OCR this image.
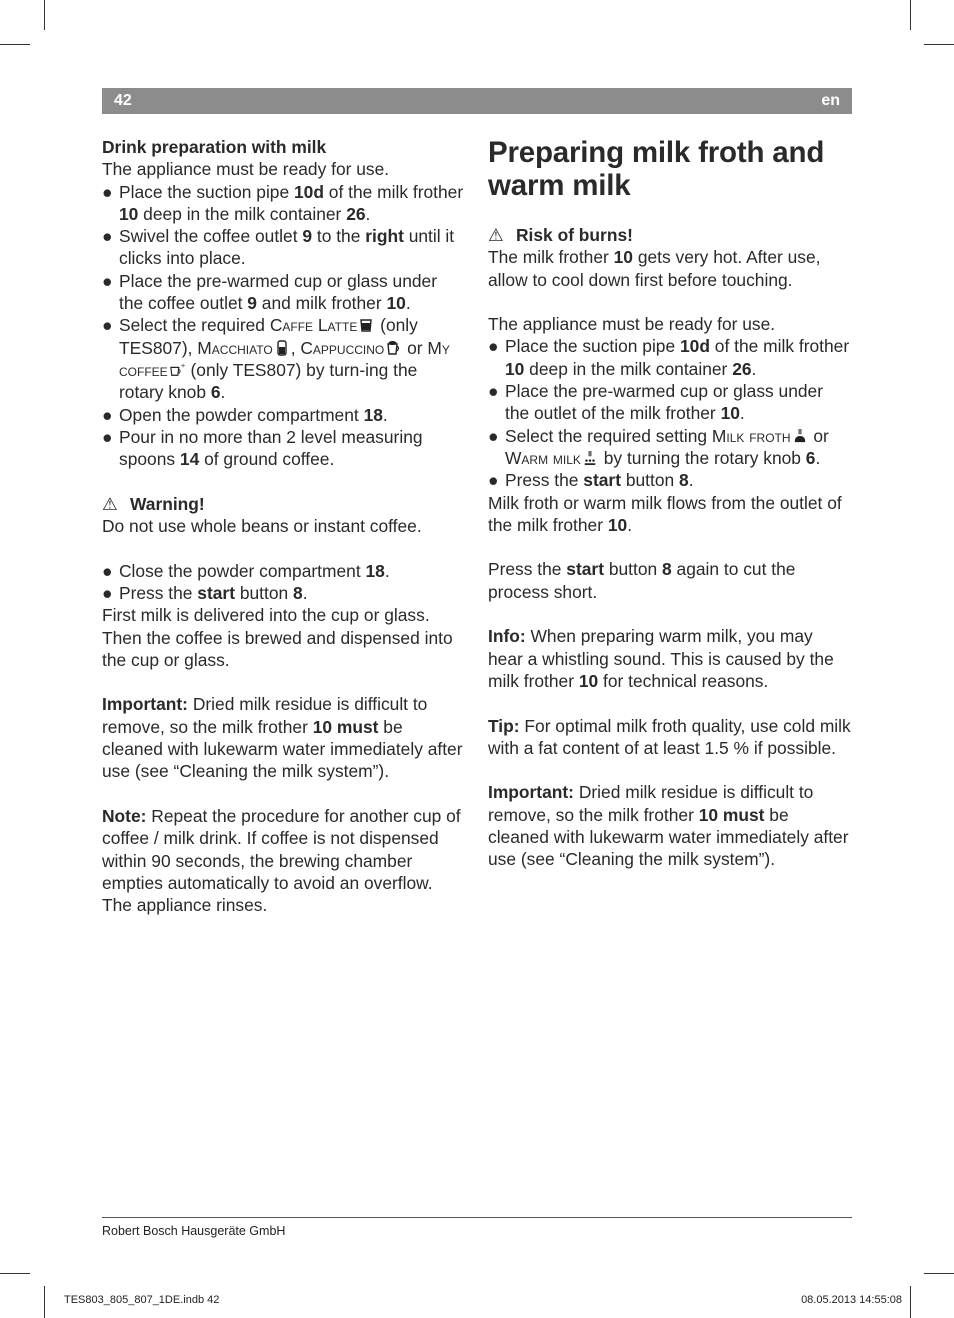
42	en

Drink preparation with milk

The appliance must be ready for use.

● Place the suction pipe 10d of the milk frother 10 deep in the milk container 26.
● Swivel the coffee outlet 9 to the right until it clicks into place.
● Place the pre-warmed cup or glass under the coffee outlet 9 and milk frother 10.
● Select the required Caffe Latte (only TES807), Macchiato , Cappuccino or My coffee + (only TES807) by turn-ing the rotary knob 6.
● Open the powder compartment 18.
● Pour in no more than 2 level measuring spoons 14 of ground coffee.

⚠ Warning!

Do not use whole beans or instant coffee.

● Close the powder compartment 18.
● Press the start button 8.

First milk is delivered into the cup or glass. Then the coffee is brewed and dispensed into the cup or glass.

Important: Dried milk residue is difficult to remove, so the milk frother 10 must be cleaned with lukewarm water immediately after use (see “Cleaning the milk system”).

Note: Repeat the procedure for another cup of coffee / milk drink. If coffee is not dispensed within 90 seconds, the brewing chamber empties automatically to avoid an overflow. The appliance rinses.

Preparing milk froth and warm milk

⚠ Risk of burns!

The milk frother 10 gets very hot. After use, allow to cool down first before touching.

The appliance must be ready for use.

● Place the suction pipe 10d of the milk frother 10 deep in the milk container 26.
● Place the pre-warmed cup or glass under the outlet of the milk frother 10.
● Select the required setting Milk froth or Warm milk by turning the rotary knob 6.
● Press the start button 8.

Milk froth or warm milk flows from the outlet of the milk frother 10.

Press the start button 8 again to cut the process short.

Info: When preparing warm milk, you may hear a whistling sound. This is caused by the milk frother 10 for technical reasons.

Tip: For optimal milk froth quality, use cold milk with a fat content of at least 1.5 % if possible.

Important: Dried milk residue is difficult to remove, so the milk frother 10 must be cleaned with lukewarm water immediately after use (see “Cleaning the milk system”).

Robert Bosch Hausgeräte GmbH
TES803_805_807_1DE.indb 42	08.05.2013 14:55:08
